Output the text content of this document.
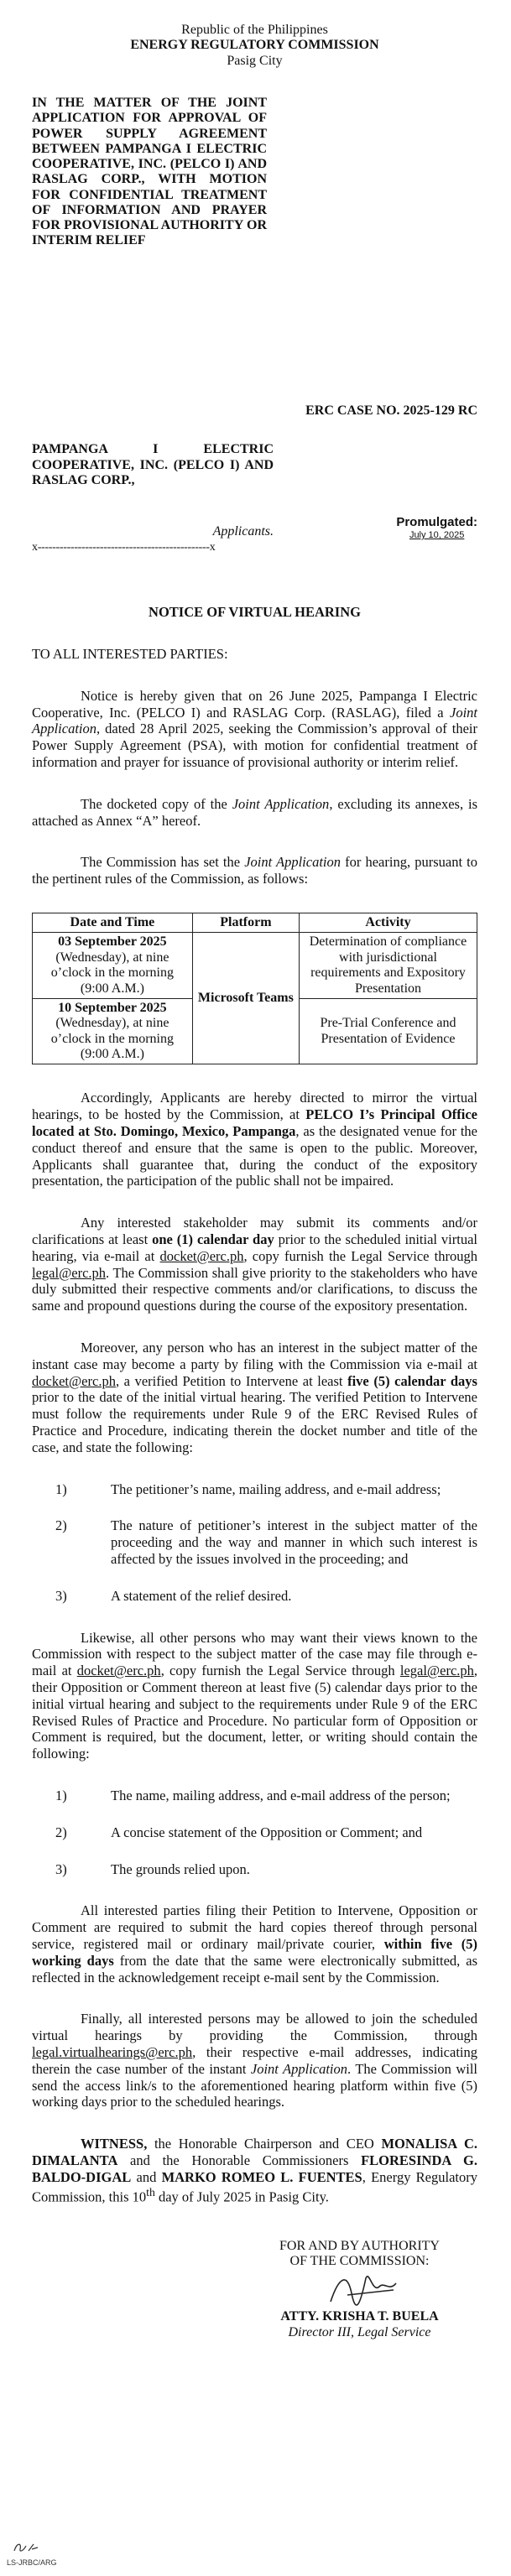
Republic of the Philippines
ENERGY REGULATORY COMMISSION
Pasig City
IN THE MATTER OF THE JOINT APPLICATION FOR APPROVAL OF POWER SUPPLY AGREEMENT BETWEEN PAMPANGA I ELECTRIC COOPERATIVE, INC. (PELCO I) AND RASLAG CORP., WITH MOTION FOR CONFIDENTIAL TREATMENT OF INFORMATION AND PRAYER FOR PROVISIONAL AUTHORITY OR INTERIM RELIEF
ERC CASE NO. 2025-129 RC
PAMPANGA I ELECTRIC COOPERATIVE, INC. (PELCO I) AND RASLAG CORP.,
Applicants.
x-----------------------------------------------x
Promulgated:
July 10, 2025
NOTICE OF VIRTUAL HEARING
TO ALL INTERESTED PARTIES:

Notice is hereby given that on 26 June 2025, Pampanga I Electric Cooperative, Inc. (PELCO I) and RASLAG Corp. (RASLAG), filed a Joint Application, dated 28 April 2025, seeking the Commission’s approval of their Power Supply Agreement (PSA), with motion for confidential treatment of information and prayer for issuance of provisional authority or interim relief.

The docketed copy of the Joint Application, excluding its annexes, is attached as Annex “A” hereof.

The Commission has set the Joint Application for hearing, pursuant to the pertinent rules of the Commission, as follows:

Date and Time	Platform	Activity
03 September 2025
(Wednesday), at nine o’clock in the morning (9:00 A.M.)	Microsoft Teams	Determination of compliance with jurisdictional requirements and Expository Presentation
10 September 2025
(Wednesday), at nine o’clock in the morning (9:00 A.M.)		Pre-Trial Conference and Presentation of Evidence

Accordingly, Applicants are hereby directed to mirror the virtual hearings, to be hosted by the Commission, at PELCO I’s Principal Office located at Sto. Domingo, Mexico, Pampanga, as the designated venue for the conduct thereof and ensure that the same is open to the public. Moreover, Applicants shall guarantee that, during the conduct of the expository presentation, the participation of the public shall not be impaired.

Any interested stakeholder may submit its comments and/or clarifications at least one (1) calendar day prior to the scheduled initial virtual hearing, via e-mail at docket@erc.ph, copy furnish the Legal Service through legal@erc.ph. The Commission shall give priority to the stakeholders who have duly submitted their respective comments and/or clarifications, to discuss the same and propound questions during the course of the expository presentation.

Moreover, any person who has an interest in the subject matter of the instant case may become a party by filing with the Commission via e-mail at docket@erc.ph, a verified Petition to Intervene at least five (5) calendar days prior to the date of the initial virtual hearing. The verified Petition to Intervene must follow the requirements under Rule 9 of the ERC Revised Rules of Practice and Procedure, indicating therein the docket number and title of the case, and state the following:

1)	The petitioner’s name, mailing address, and e-mail address;
2)	The nature of petitioner’s interest in the subject matter of the proceeding and the way and manner in which such interest is affected by the issues involved in the proceeding; and
3)	A statement of the relief desired.

Likewise, all other persons who may want their views known to the Commission with respect to the subject matter of the case may file through e-mail at docket@erc.ph, copy furnish the Legal Service through legal@erc.ph, their Opposition or Comment thereon at least five (5) calendar days prior to the initial virtual hearing and subject to the requirements under Rule 9 of the ERC Revised Rules of Practice and Procedure. No particular form of Opposition or Comment is required, but the document, letter, or writing should contain the following:

1)	The name, mailing address, and e-mail address of the person;
2)	A concise statement of the Opposition or Comment; and
3)	The grounds relied upon.

All interested parties filing their Petition to Intervene, Opposition or Comment are required to submit the hard copies thereof through personal service, registered mail or ordinary mail/private courier, within five (5) working days from the date that the same were electronically submitted, as reflected in the acknowledgement receipt e-mail sent by the Commission.

Finally, all interested persons may be allowed to join the scheduled virtual hearings by providing the Commission, through legal.virtualhearings@erc.ph, their respective e-mail addresses, indicating therein the case number of the instant Joint Application. The Commission will send the access link/s to the aforementioned hearing platform within five (5) working days prior to the scheduled hearings.

WITNESS, the Honorable Chairperson and CEO MONALISA C. DIMALANTA and the Honorable Commissioners FLORESINDA G. BALDO-DIGAL and MARKO ROMEO L. FUENTES, Energy Regulatory Commission, this 10th day of July 2025 in Pasig City.

FOR AND BY AUTHORITY
OF THE COMMISSION:
ATTY. KRISHA T. BUELA
Director III, Legal Service
LS-JRBC/ARG
